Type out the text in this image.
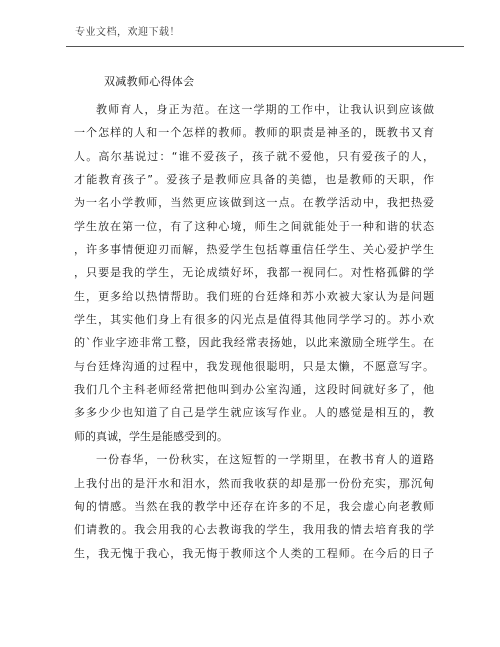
专业文档，欢迎下载！
双减教师心得体会
教师育人，身正为范。在这一学期的工作中，让我认识到应该做
一个怎样的人和一个怎样的教师。教师的职责是神圣的，既教书又育
人。高尔基说过：“谁不爱孩子，孩子就不爱他，只有爱孩子的人，
才能教育孩子”。爱孩子是教师应具备的美德，也是教师的天职，作
为一名小学教师，当然更应该做到这一点。在教学活动中，我把热爱
学生放在第一位，有了这种心境，师生之间就能处于一种和谐的状态
，许多事情便迎刃而解，热爱学生包括尊重信任学生、关心爱护学生
，只要是我的学生，无论成绩好坏，我都一视同仁。对性格孤僻的学
生，更多给以热情帮助。我们班的台廷烽和苏小欢被大家认为是问题
学生，其实他们身上有很多的闪光点是值得其他同学学习的。苏小欢
的`作业字迹非常工整，因此我经常表扬她，以此来激励全班学生。在
与台廷烽沟通的过程中，我发现他很聪明，只是太懒，不愿意写字。
我们几个主科老师经常把他叫到办公室沟通，这段时间就好多了，他
多多少少也知道了自己是学生就应该写作业。人的感觉是相互的，教
师的真诚，学生是能感受到的。
一份春华，一份秋实，在这短暂的一学期里，在教书育人的道路
上我付出的是汗水和泪水，然而我收获的却是那一份份充实，那沉甸
甸的情感。当然在我的教学中还存在许多的不足，我会虚心向老教师
们请教的。我会用我的心去教诲我的学生，我用我的情去培育我的学
生，我无愧于我心，我无悔于教师这个人类的工程师。在今后的日子
